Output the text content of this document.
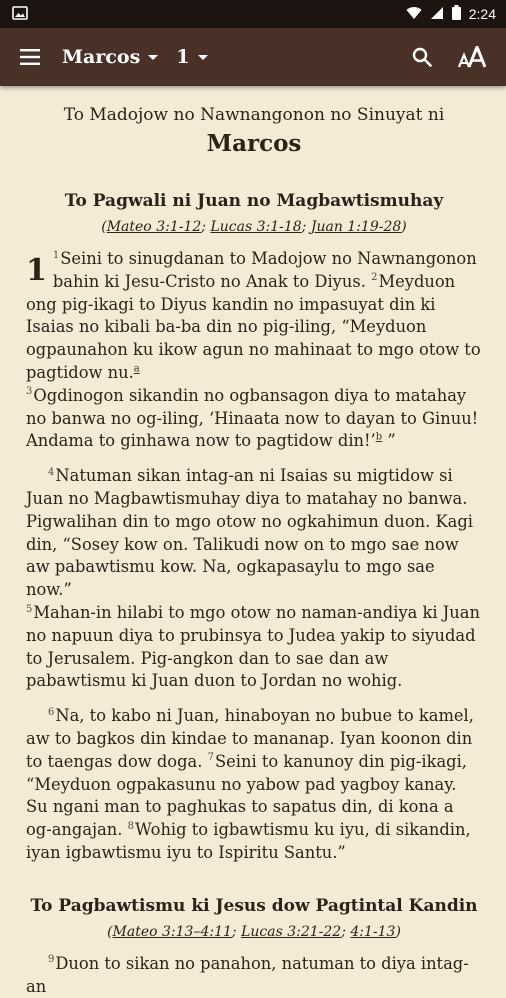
2:24
Marcos 1
To Madojow no Nawnangonon no Sinuyat ni
Marcos
To Pagwali ni Juan no Magbawtismuhay
(Mateo 3:1-12; Lucas 3:1-18; Juan 1:19-28)

1 $^1$Seini to sinugdanan to Madojow no Nawnangonon bahin ki Jesu-Cristo no Anak to Diyus. $^2$Meyduon ong pig-ikagi to Diyus kandin no impasuyat din ki Isaias no kibali ba-ba din no pig-iling, “Meyduon ogpaunahon ku ikow agun no mahinaat to mgo otow to pagtidow nu.$^a$
$^3$Ogdinogon sikandin no ogbansagon diya to matahay no banwa no og-iling, ‘Hinaata now to dayan to Ginuu! Andama to ginhawa now to pagtidow din!’$^b$ ”

$^4$Natuman sikan intag-an ni Isaias su migtidow si Juan no Magbawtismuhay diya to matahay no banwa. Pigwalihan din to mgo otow no ogkahimun duon. Kagi din, “Sosey kow on. Talikudi now on to mgo sae now aw pabawtismu kow. Na, ogkapasaylu to mgo sae now.”
$^5$Mahan-in hilabi to mgo otow no naman-andiya ki Juan no napuun diya to prubinsya to Judea yakip to siyudad to Jerusalem. Pig-angkon dan to sae dan aw pabawtismu ki Juan duon to Jordan no wohig.

$^6$Na, to kabo ni Juan, hinaboyan no bubue to kamel, aw to bagkos din kindae to mananap. Iyan koonon din to taengas dow doga. $^7$Seini to kanunoy din pig-ikagi, “Meyduon ogpakasunu no yabow pad yagboy kanay. Su ngani man to paghukas to sapatus din, di kona a og-angajan. $^8$Wohig to igbawtismu ku iyu, di sikandin, iyan igbawtismu iyu to Ispiritu Santu.”

To Pagbawtismu ki Jesus dow Pagtintal Kandin
(Mateo 3:13–4:11; Lucas 3:21-22; 4:1-13)

$^9$Duon to sikan no panahon, natuman to diya intag-an
